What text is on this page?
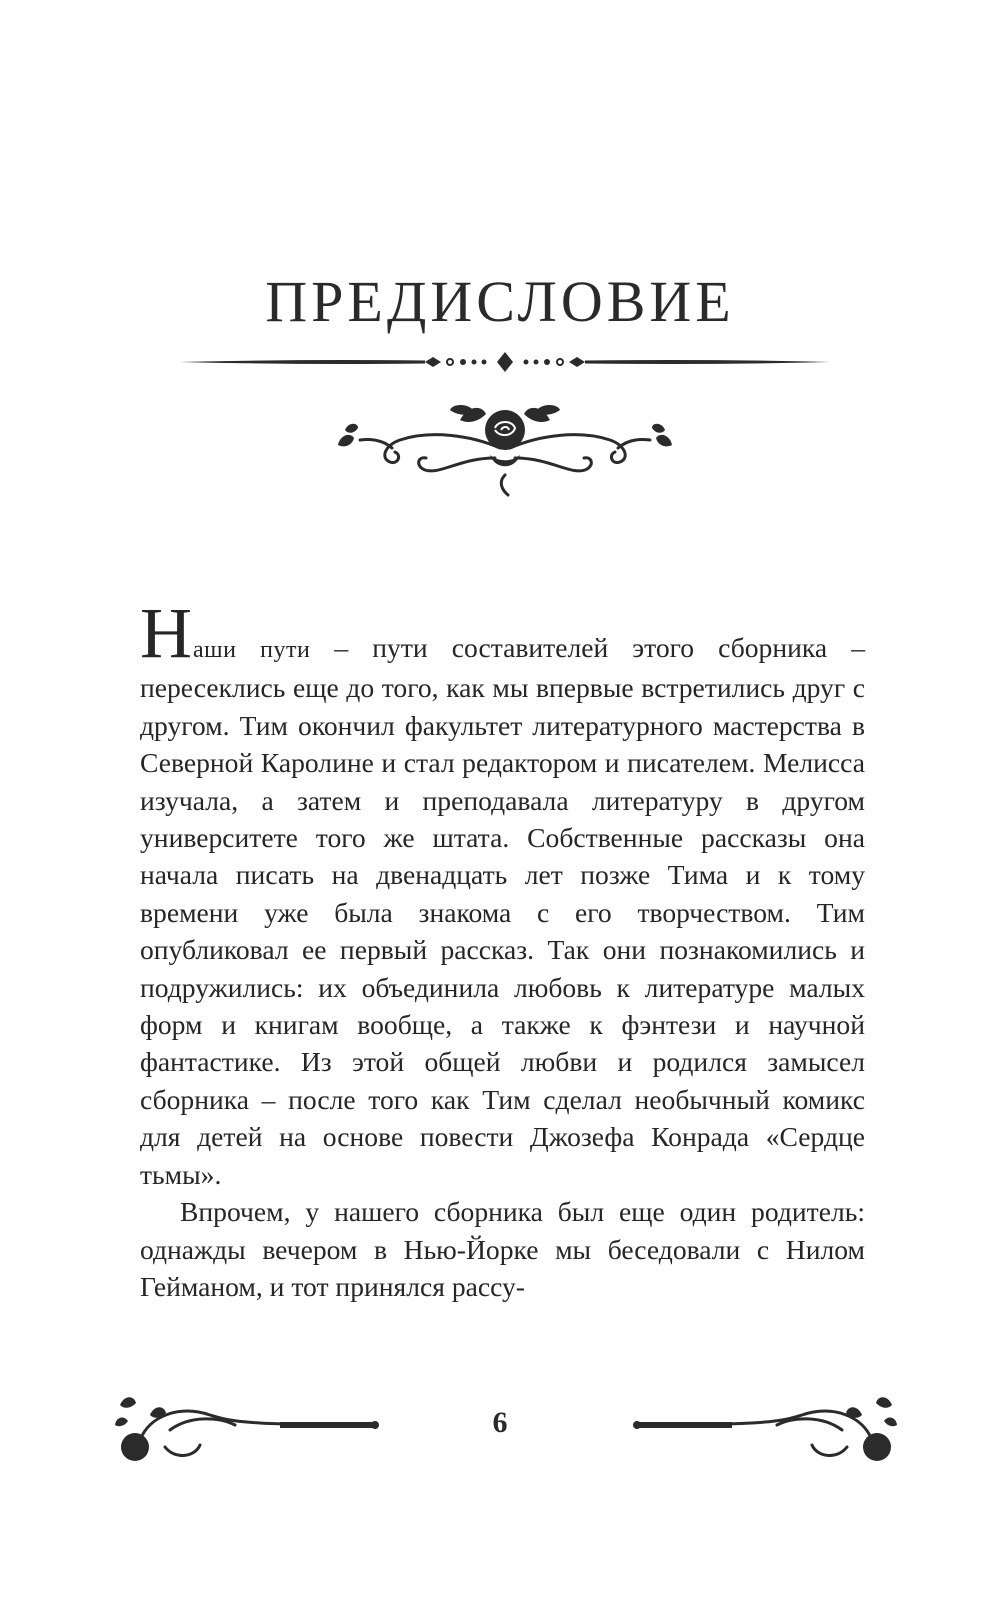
ПРЕДИСЛОВИЕ

Наши пути – пути составителей этого сборника – пересеклись еще до того, как мы впервые встретились друг с другом. Тим окончил факультет литературного мастерства в Северной Каролине и стал редактором и писателем. Мелисса изучала, а затем и преподавала литературу в другом университете того же штата. Собственные рассказы она начала писать на двенадцать лет позже Тима и к тому времени уже была знакома с его творчеством. Тим опубликовал ее первый рассказ. Так они познакомились и подружились: их объединила любовь к литературе малых форм и книгам вообще, а также к фэнтези и научной фантастике. Из этой общей любви и родился замысел сборника – после того как Тим сделал необычный комикс для детей на основе повести Джозефа Конрада «Сердце тьмы».

Впрочем, у нашего сборника был еще один родитель: однажды вечером в Нью-Йорке мы беседовали с Нилом Гейманом, и тот принялся рассу-

6
